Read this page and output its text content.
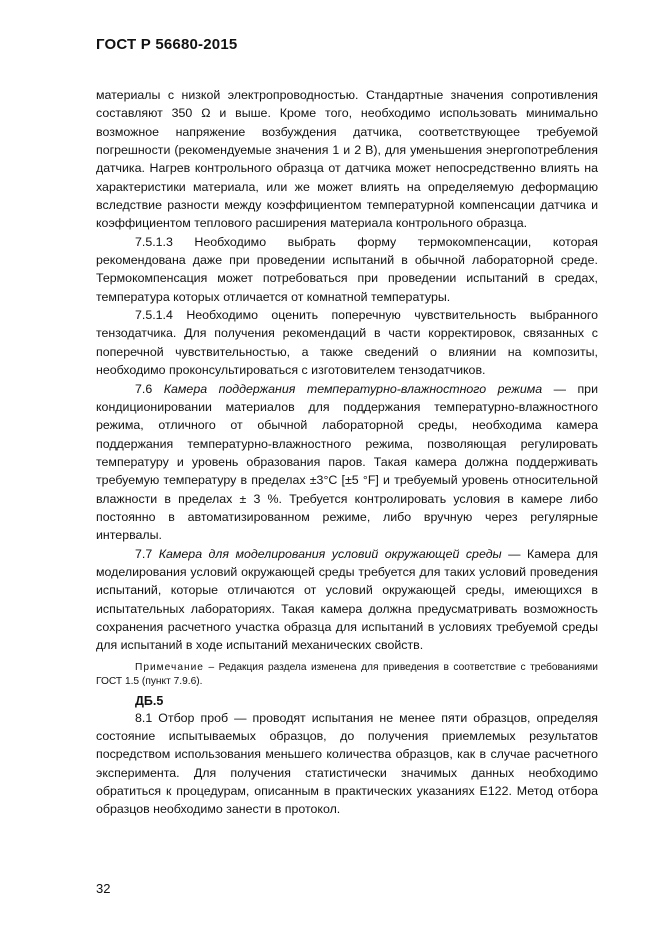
ГОСТ Р 56680-2015

материалы с низкой электропроводностью. Стандартные значения сопротивления составляют 350 Ω и выше. Кроме того, необходимо использовать минимально возможное напряжение возбуждения датчика, соответствующее требуемой погрешности (рекомендуемые значения 1 и 2 В), для уменьшения энергопотребления датчика. Нагрев контрольного образца от датчика может непосредственно влиять на характеристики материала, или же может влиять на определяемую деформацию вследствие разности между коэффициентом температурной компенсации датчика и коэффициентом теплового расширения материала контрольного образца.

7.5.1.3 Необходимо выбрать форму термокомпенсации, которая рекомендована даже при проведении испытаний в обычной лабораторной среде. Термокомпенсация может потребоваться при проведении испытаний в средах, температура которых отличается от комнатной температуры.

7.5.1.4 Необходимо оценить поперечную чувствительность выбранного тензодатчика. Для получения рекомендаций в части корректировок, связанных с поперечной чувствительностью, а также сведений о влиянии на композиты, необходимо проконсультироваться с изготовителем тензодатчиков.

7.6 Камера поддержания температурно-влажностного режима — при кондиционировании материалов для поддержания температурно-влажностного режима, отличного от обычной лабораторной среды, необходима камера поддержания температурно-влажностного режима, позволяющая регулировать температуру и уровень образования паров. Такая камера должна поддерживать требуемую температуру в пределах ±3°С [±5 °F] и требуемый уровень относительной влажности в пределах ± 3 %. Требуется контролировать условия в камере либо постоянно в автоматизированном режиме, либо вручную через регулярные интервалы.

7.7 Камера для моделирования условий окружающей среды — Камера для моделирования условий окружающей среды требуется для таких условий проведения испытаний, которые отличаются от условий окружающей среды, имеющихся в испытательных лабораториях. Такая камера должна предусматривать возможность сохранения расчетного участка образца для испытаний в условиях требуемой среды для испытаний в ходе испытаний механических свойств.

Примечание – Редакция раздела изменена для приведения в соответствие с требованиями ГОСТ 1.5 (пункт 7.9.6).

ДБ.5

8.1 Отбор проб — проводят испытания не менее пяти образцов, определяя состояние испытываемых образцов, до получения приемлемых результатов посредством использования меньшего количества образцов, как в случае расчетного эксперимента. Для получения статистически значимых данных необходимо обратиться к процедурам, описанным в практических указаниях Е122. Метод отбора образцов необходимо занести в протокол.

32
